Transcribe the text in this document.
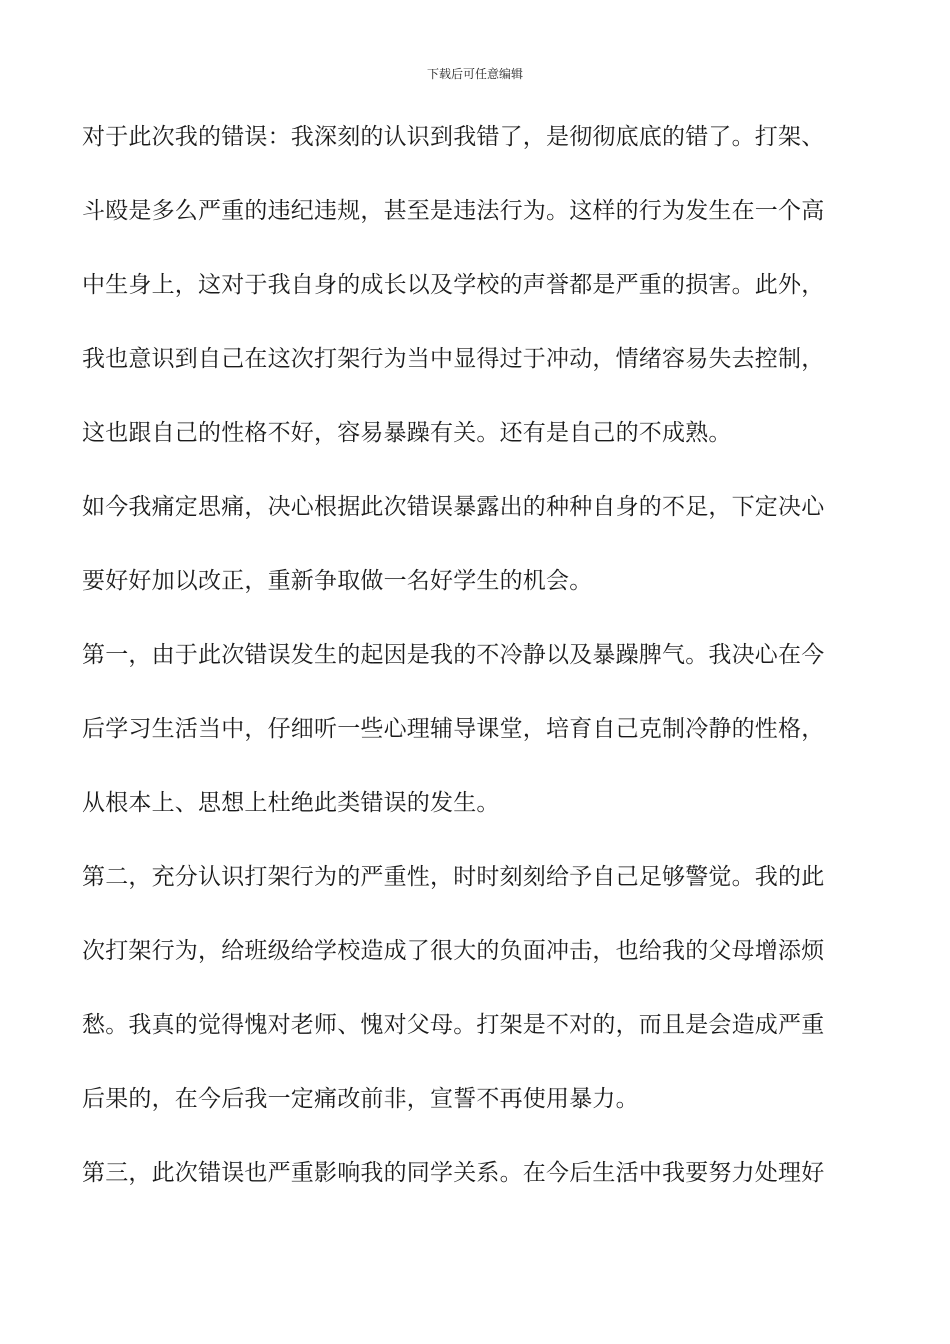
下载后可任意编辑
对于此次我的错误：我深刻的认识到我错了，是彻彻底底的错了。打架、
斗殴是多么严重的违纪违规，甚至是违法行为。这样的行为发生在一个高
中生身上，这对于我自身的成长以及学校的声誉都是严重的损害。此外，
我也意识到自己在这次打架行为当中显得过于冲动，情绪容易失去控制，
这也跟自己的性格不好，容易暴躁有关。还有是自己的不成熟。
如今我痛定思痛，决心根据此次错误暴露出的种种自身的不足，下定决心
要好好加以改正，重新争取做一名好学生的机会。
第一，由于此次错误发生的起因是我的不冷静以及暴躁脾气。我决心在今
后学习生活当中，仔细听一些心理辅导课堂，培育自己克制冷静的性格，
从根本上、思想上杜绝此类错误的发生。
第二，充分认识打架行为的严重性，时时刻刻给予自己足够警觉。我的此
次打架行为，给班级给学校造成了很大的负面冲击，也给我的父母增添烦
愁。我真的觉得愧对老师、愧对父母。打架是不对的，而且是会造成严重
后果的，在今后我一定痛改前非，宣誓不再使用暴力。
第三，此次错误也严重影响我的同学关系。在今后生活中我要努力处理好
